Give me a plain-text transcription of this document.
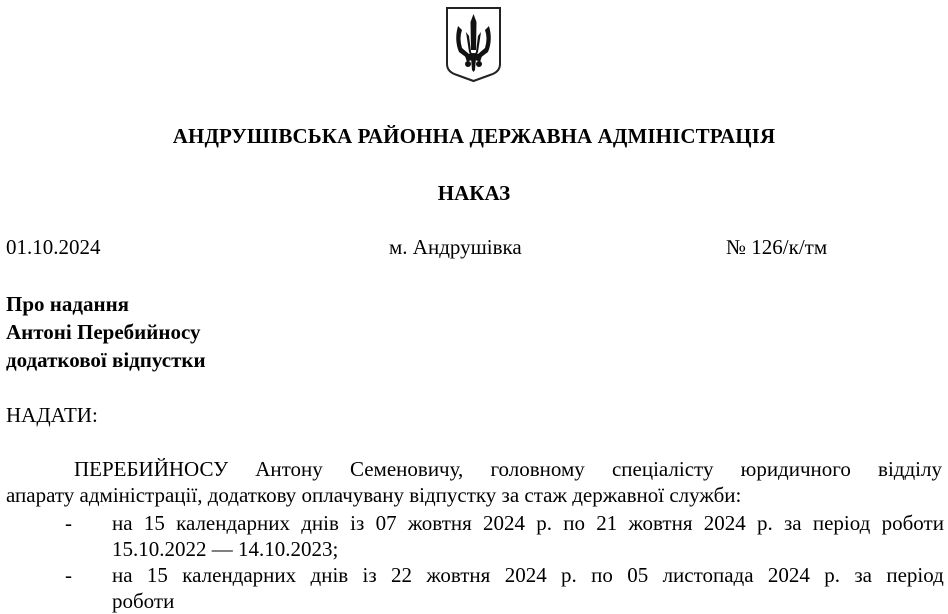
АНДРУШІВСЬКА РАЙОННА ДЕРЖАВНА АДМІНІСТРАЦІЯ
НАКАЗ
01.10.2024	м. Андрушівка	№ 126/к/тм
Про надання
Антоні Перебийносу
додаткової відпустки
НАДАТИ:
ПЕРЕБИЙНОСУ Антону Семеновичу, головному спеціалісту юридичного відділу
апарату адміністрації, додаткову оплачувану відпустку за стаж державної служби:
- на 15 календарних днів із 07 жовтня 2024 р. по 21 жовтня 2024 р. за період роботи
15.10.2022 — 14.10.2023;
- на 15 календарних днів із 22 жовтня 2024 р. по 05 листопада 2024 р. за період
роботи
